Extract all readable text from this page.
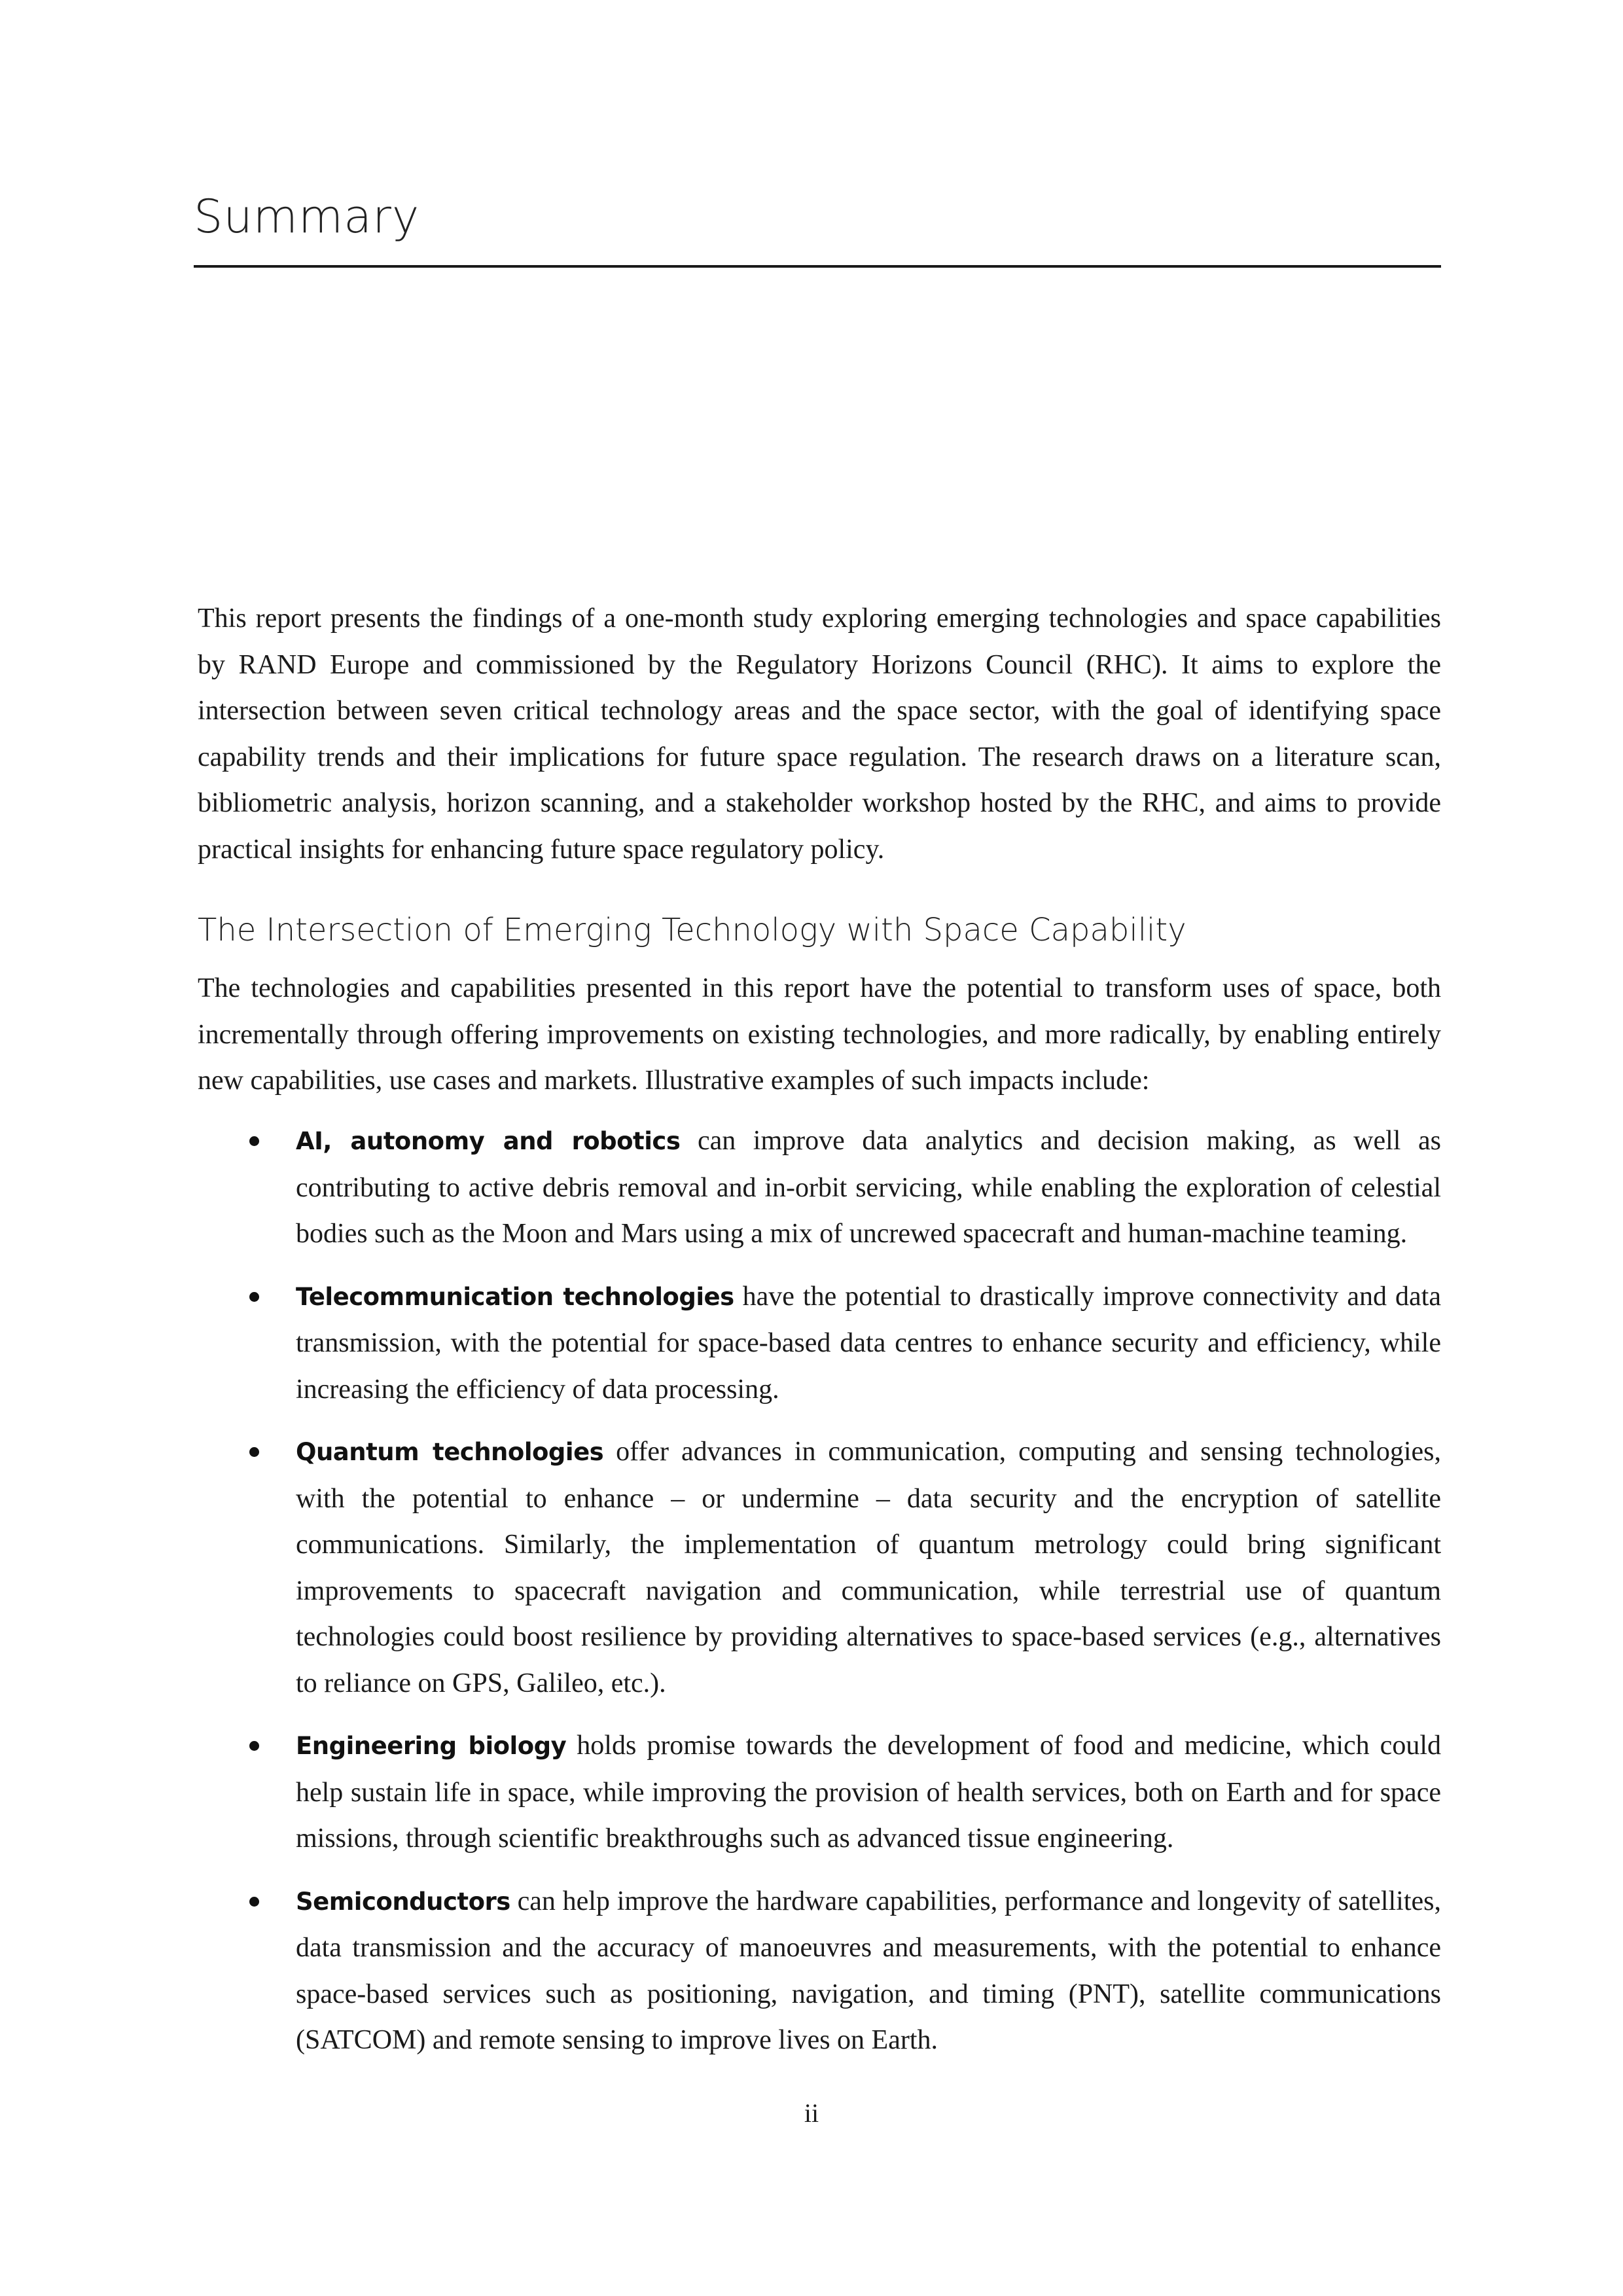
Summary

This report presents the findings of a one-month study exploring emerging technologies and space capabilities by RAND Europe and commissioned by the Regulatory Horizons Council (RHC). It aims to explore the intersection between seven critical technology areas and the space sector, with the goal of identifying space capability trends and their implications for future space regulation. The research draws on a literature scan, bibliometric analysis, horizon scanning, and a stakeholder workshop hosted by the RHC, and aims to provide practical insights for enhancing future space regulatory policy.

The Intersection of Emerging Technology with Space Capability

The technologies and capabilities presented in this report have the potential to transform uses of space, both incrementally through offering improvements on existing technologies, and more radically, by enabling entirely new capabilities, use cases and markets. Illustrative examples of such impacts include:

AI, autonomy and robotics can improve data analytics and decision making, as well as contributing to active debris removal and in-orbit servicing, while enabling the exploration of celestial bodies such as the Moon and Mars using a mix of uncrewed spacecraft and human-machine teaming.
Telecommunication technologies have the potential to drastically improve connectivity and data transmission, with the potential for space-based data centres to enhance security and efficiency, while increasing the efficiency of data processing.
Quantum technologies offer advances in communication, computing and sensing technologies, with the potential to enhance – or undermine – data security and the encryption of satellite communications. Similarly, the implementation of quantum metrology could bring significant improvements to spacecraft navigation and communication, while terrestrial use of quantum technologies could boost resilience by providing alternatives to space-based services (e.g., alternatives to reliance on GPS, Galileo, etc.).
Engineering biology holds promise towards the development of food and medicine, which could help sustain life in space, while improving the provision of health services, both on Earth and for space missions, through scientific breakthroughs such as advanced tissue engineering.
Semiconductors can help improve the hardware capabilities, performance and longevity of satellites, data transmission and the accuracy of manoeuvres and measurements, with the potential to enhance space-based services such as positioning, navigation, and timing (PNT), satellite communications (SATCOM) and remote sensing to improve lives on Earth.
ii
